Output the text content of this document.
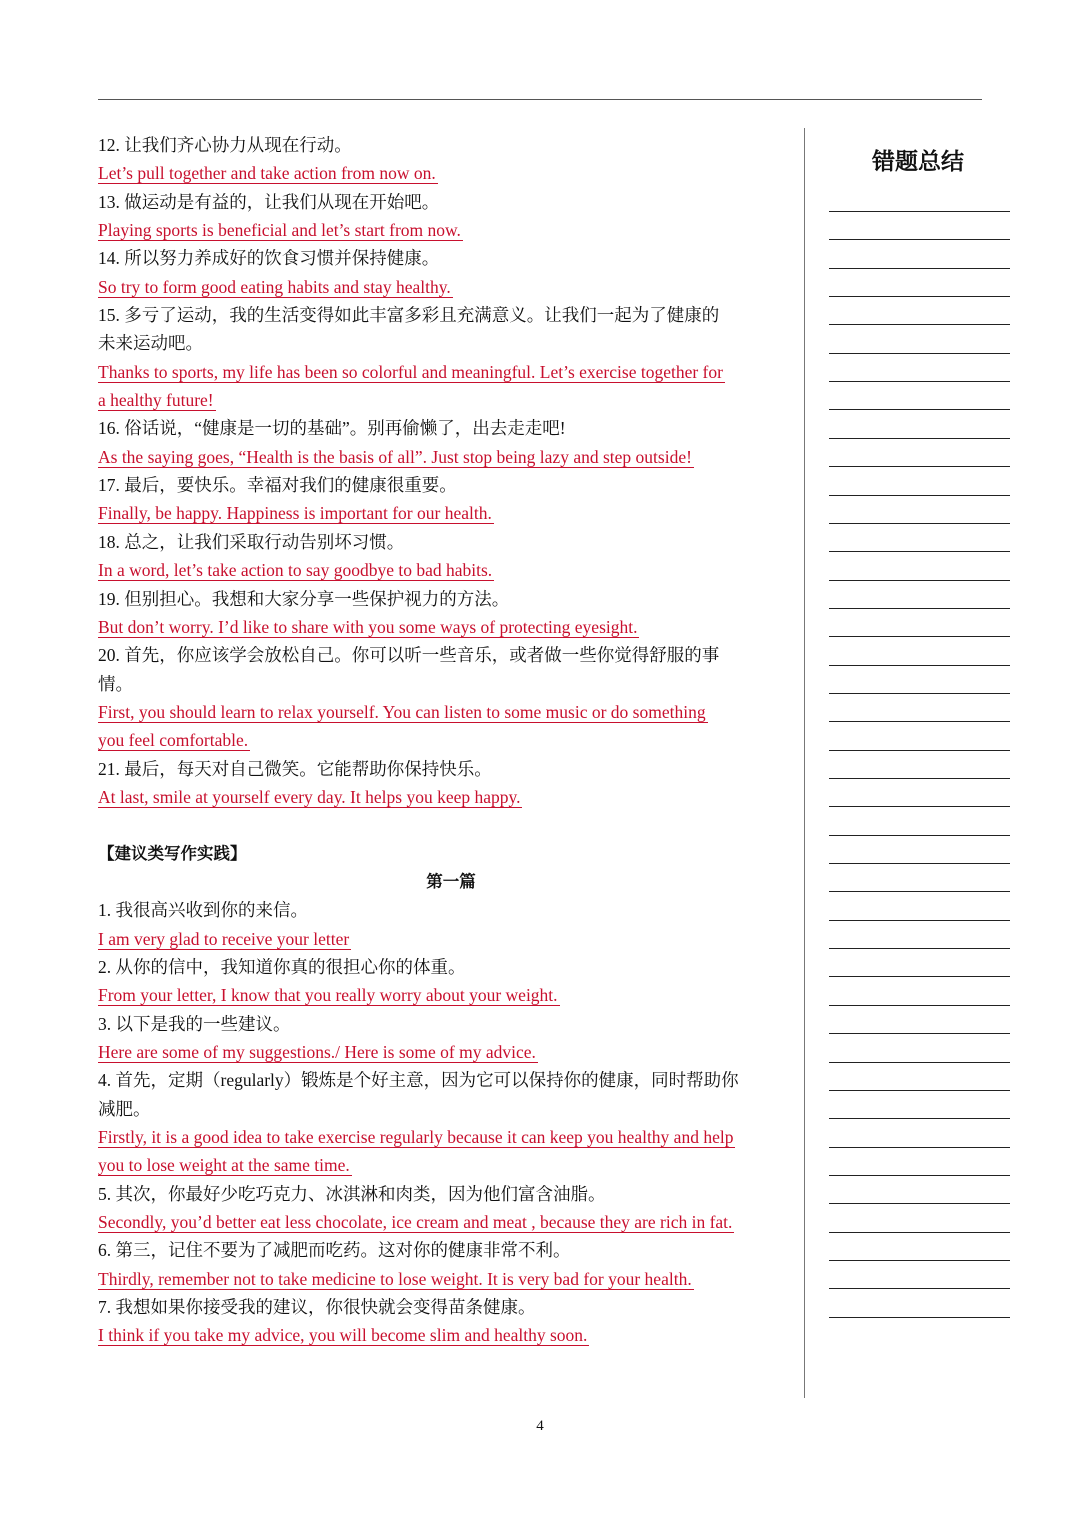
12. 让我们齐心协力从现在行动。
Let’s pull together and take action from now on.
13. 做运动是有益的，让我们从现在开始吧。
Playing sports is beneficial and let’s start from now.
14. 所以努力养成好的饮食习惯并保持健康。
So try to form good eating habits and stay healthy.
15. 多亏了运动，我的生活变得如此丰富多彩且充满意义。让我们一起为了健康的
未来运动吧。
Thanks to sports, my life has been so colorful and meaningful. Let’s exercise together for
a healthy future!
16. 俗话说，“健康是一切的基础”。别再偷懒了，出去走走吧!
As the saying goes, “Health is the basis of all”. Just stop being lazy and step outside!
17. 最后，要快乐。幸福对我们的健康很重要。
Finally, be happy. Happiness is important for our health.
18. 总之，让我们采取行动告别坏习惯。
In a word, let’s take action to say goodbye to bad habits.
19. 但别担心。我想和大家分享一些保护视力的方法。
But don’t worry. I’d like to share with you some ways of protecting eyesight.
20. 首先，你应该学会放松自己。你可以听一些音乐，或者做一些你觉得舒服的事
情。
First, you should learn to relax yourself. You can listen to some music or do something
you feel comfortable.
21. 最后，每天对自己微笑。它能帮助你保持快乐。
At last, smile at yourself every day. It helps you keep happy.
【建议类写作实践】
第一篇
1. 我很高兴收到你的来信。
I am very glad to receive your letter
2. 从你的信中，我知道你真的很担心你的体重。
From your letter, I know that you really worry about your weight.
3. 以下是我的一些建议。
Here are some of my suggestions./ Here is some of my advice.
4. 首先，定期（regularly）锻炼是个好主意，因为它可以保持你的健康，同时帮助你
减肥。
Firstly, it is a good idea to take exercise regularly because it can keep you healthy and help
you to lose weight at the same time.
5. 其次，你最好少吃巧克力、冰淇淋和肉类，因为他们富含油脂。
Secondly, you’d better eat less chocolate, ice cream and meat , because they are rich in fat.
6. 第三，记住不要为了减肥而吃药。这对你的健康非常不利。
Thirdly, remember not to take medicine to lose weight. It is very bad for your health.
7. 我想如果你接受我的建议，你很快就会变得苗条健康。
I think if you take my advice, you will become slim and healthy soon.
错题总结
4
